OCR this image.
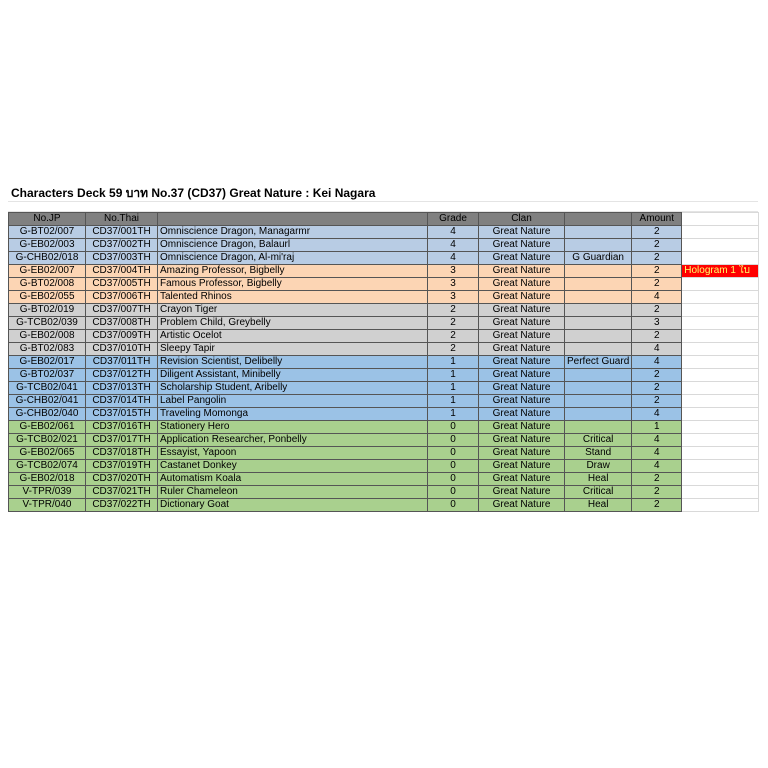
Characters Deck 59 บาท No.37 (CD37) Great Nature : Kei Nagara
No.JP	No.Thai		Grade	Clan		Amount	
G-BT02/007	CD37/001TH	Omniscience Dragon, Managarmr	4	Great Nature		2	
G-EB02/003	CD37/002TH	Omniscience Dragon, Balaurl	4	Great Nature		2	
G-CHB02/018	CD37/003TH	Omniscience Dragon, Al-mi'raj	4	Great Nature	G Guardian	2	
G-EB02/007	CD37/004TH	Amazing Professor, Bigbelly	3	Great Nature		2	Hologram 1 ใบ
G-BT02/008	CD37/005TH	Famous Professor, Bigbelly	3	Great Nature		2	
G-EB02/055	CD37/006TH	Talented Rhinos	3	Great Nature		4	
G-BT02/019	CD37/007TH	Crayon Tiger	2	Great Nature		2	
G-TCB02/039	CD37/008TH	Problem Child, Greybelly	2	Great Nature		3	
G-EB02/008	CD37/009TH	Artistic Ocelot	2	Great Nature		2	
G-BT02/083	CD37/010TH	Sleepy Tapir	2	Great Nature		4	
G-EB02/017	CD37/011TH	Revision Scientist, Delibelly	1	Great Nature	Perfect Guard	4	
G-BT02/037	CD37/012TH	Diligent Assistant, Minibelly	1	Great Nature		2	
G-TCB02/041	CD37/013TH	Scholarship Student, Aribelly	1	Great Nature		2	
G-CHB02/041	CD37/014TH	Label Pangolin	1	Great Nature		2	
G-CHB02/040	CD37/015TH	Traveling Momonga	1	Great Nature		4	
G-EB02/061	CD37/016TH	Stationery Hero	0	Great Nature		1	
G-TCB02/021	CD37/017TH	Application Researcher, Ponbelly	0	Great Nature	Critical	4	
G-EB02/065	CD37/018TH	Essayist, Yapoon	0	Great Nature	Stand	4	
G-TCB02/074	CD37/019TH	Castanet Donkey	0	Great Nature	Draw	4	
G-EB02/018	CD37/020TH	Automatism Koala	0	Great Nature	Heal	2	
V-TPR/039	CD37/021TH	Ruler Chameleon	0	Great Nature	Critical	2	
V-TPR/040	CD37/022TH	Dictionary Goat	0	Great Nature	Heal	2	
